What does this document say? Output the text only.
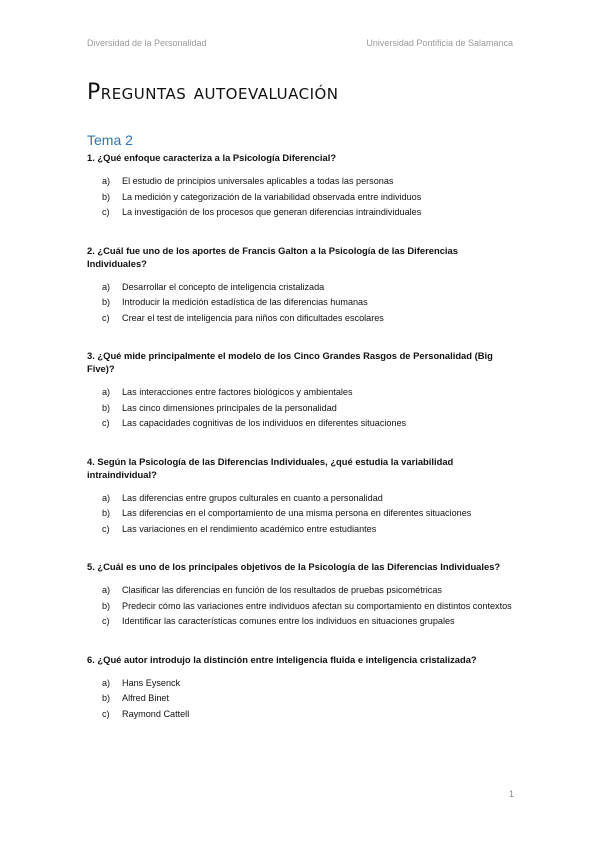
Diversidad de la Personalidad	Universidad Pontificia de Salamanca
Preguntas autoevaluación
Tema 2

1. ¿Qué enfoque caracteriza a la Psicología Diferencial?

a) El estudio de principios universales aplicables a todas las personas
b) La medición y categorización de la variabilidad observada entre individuos
c) La investigación de los procesos que generan diferencias intraindividuales

2. ¿Cuál fue uno de los aportes de Francis Galton a la Psicología de las Diferencias Individuales?

a) Desarrollar el concepto de inteligencia cristalizada
b) Introducir la medición estadística de las diferencias humanas
c) Crear el test de inteligencia para niños con dificultades escolares

3. ¿Qué mide principalmente el modelo de los Cinco Grandes Rasgos de Personalidad (Big Five)?

a) Las interacciones entre factores biológicos y ambientales
b) Las cinco dimensiones principales de la personalidad
c) Las capacidades cognitivas de los individuos en diferentes situaciones

4. Según la Psicología de las Diferencias Individuales, ¿qué estudia la variabilidad intraindividual?

a) Las diferencias entre grupos culturales en cuanto a personalidad
b) Las diferencias en el comportamiento de una misma persona en diferentes situaciones
c) Las variaciones en el rendimiento académico entre estudiantes

5. ¿Cuál es uno de los principales objetivos de la Psicología de las Diferencias Individuales?

a) Clasificar las diferencias en función de los resultados de pruebas psicométricas
b) Predecir cómo las variaciones entre individuos afectan su comportamiento en distintos contextos
c) Identificar las características comunes entre los individuos en situaciones grupales

6. ¿Qué autor introdujo la distinción entre inteligencia fluida e inteligencia cristalizada?

a) Hans Eysenck
b) Alfred Binet
c) Raymond Cattell
1
